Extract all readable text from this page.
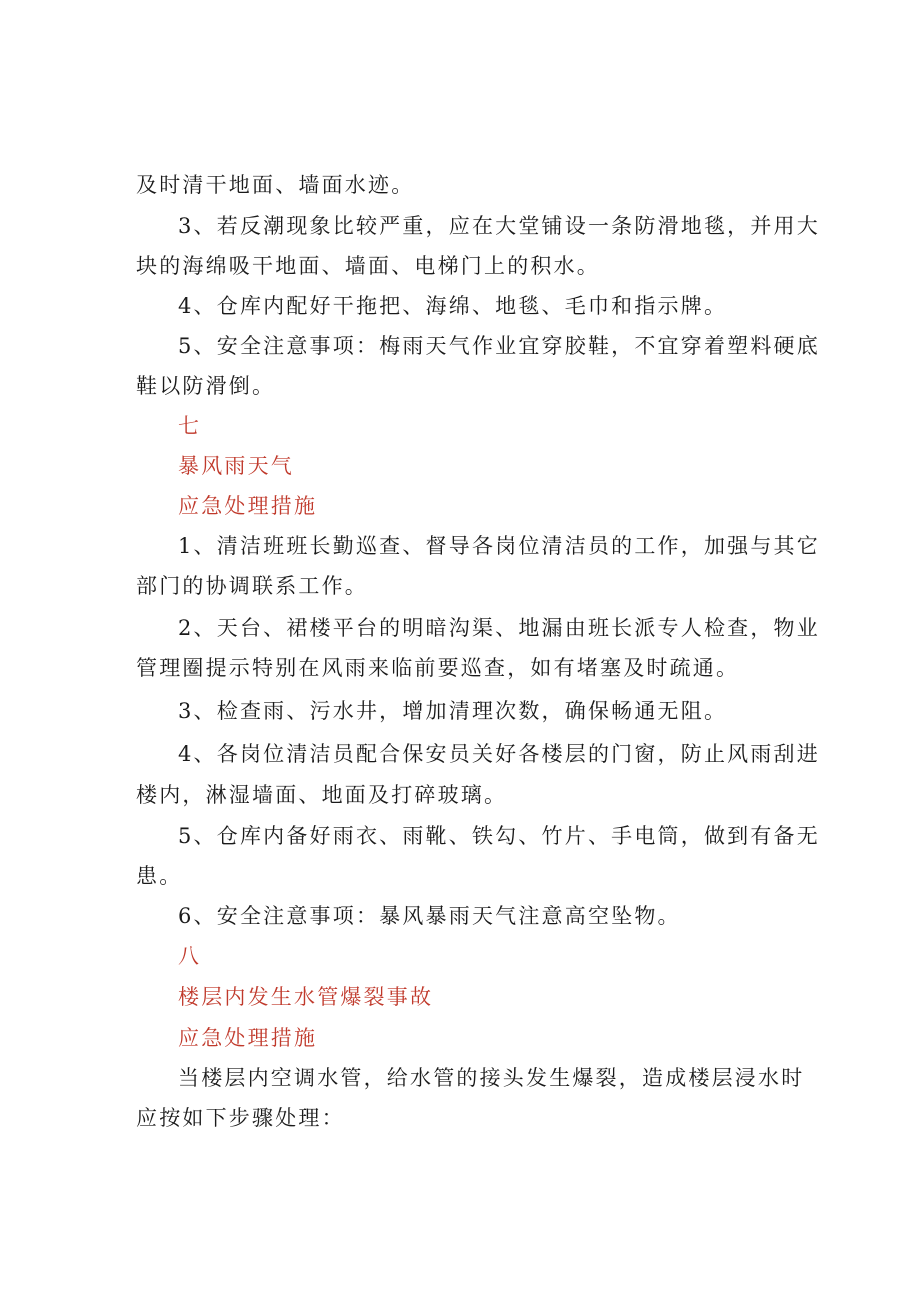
及时清干地面、墙面水迹。
3、若反潮现象比较严重，应在大堂铺设一条防滑地毯，并用大
块的海绵吸干地面、墙面、电梯门上的积水。
4、仓库内配好干拖把、海绵、地毯、毛巾和指示牌。
5、安全注意事项：梅雨天气作业宜穿胶鞋，不宜穿着塑料硬底
鞋以防滑倒。
七
暴风雨天气
应急处理措施
1、清洁班班长勤巡查、督导各岗位清洁员的工作，加强与其它
部门的协调联系工作。
2、天台、裙楼平台的明暗沟渠、地漏由班长派专人检查，物业
管理圈提示特别在风雨来临前要巡查，如有堵塞及时疏通。
3、检查雨、污水井，增加清理次数，确保畅通无阻。
4、各岗位清洁员配合保安员关好各楼层的门窗，防止风雨刮进
楼内，淋湿墙面、地面及打碎玻璃。
5、仓库内备好雨衣、雨靴、铁勾、竹片、手电筒，做到有备无
患。
6、安全注意事项：暴风暴雨天气注意高空坠物。
八
楼层内发生水管爆裂事故
应急处理措施
当楼层内空调水管，给水管的接头发生爆裂，造成楼层浸水时
应按如下步骤处理：
